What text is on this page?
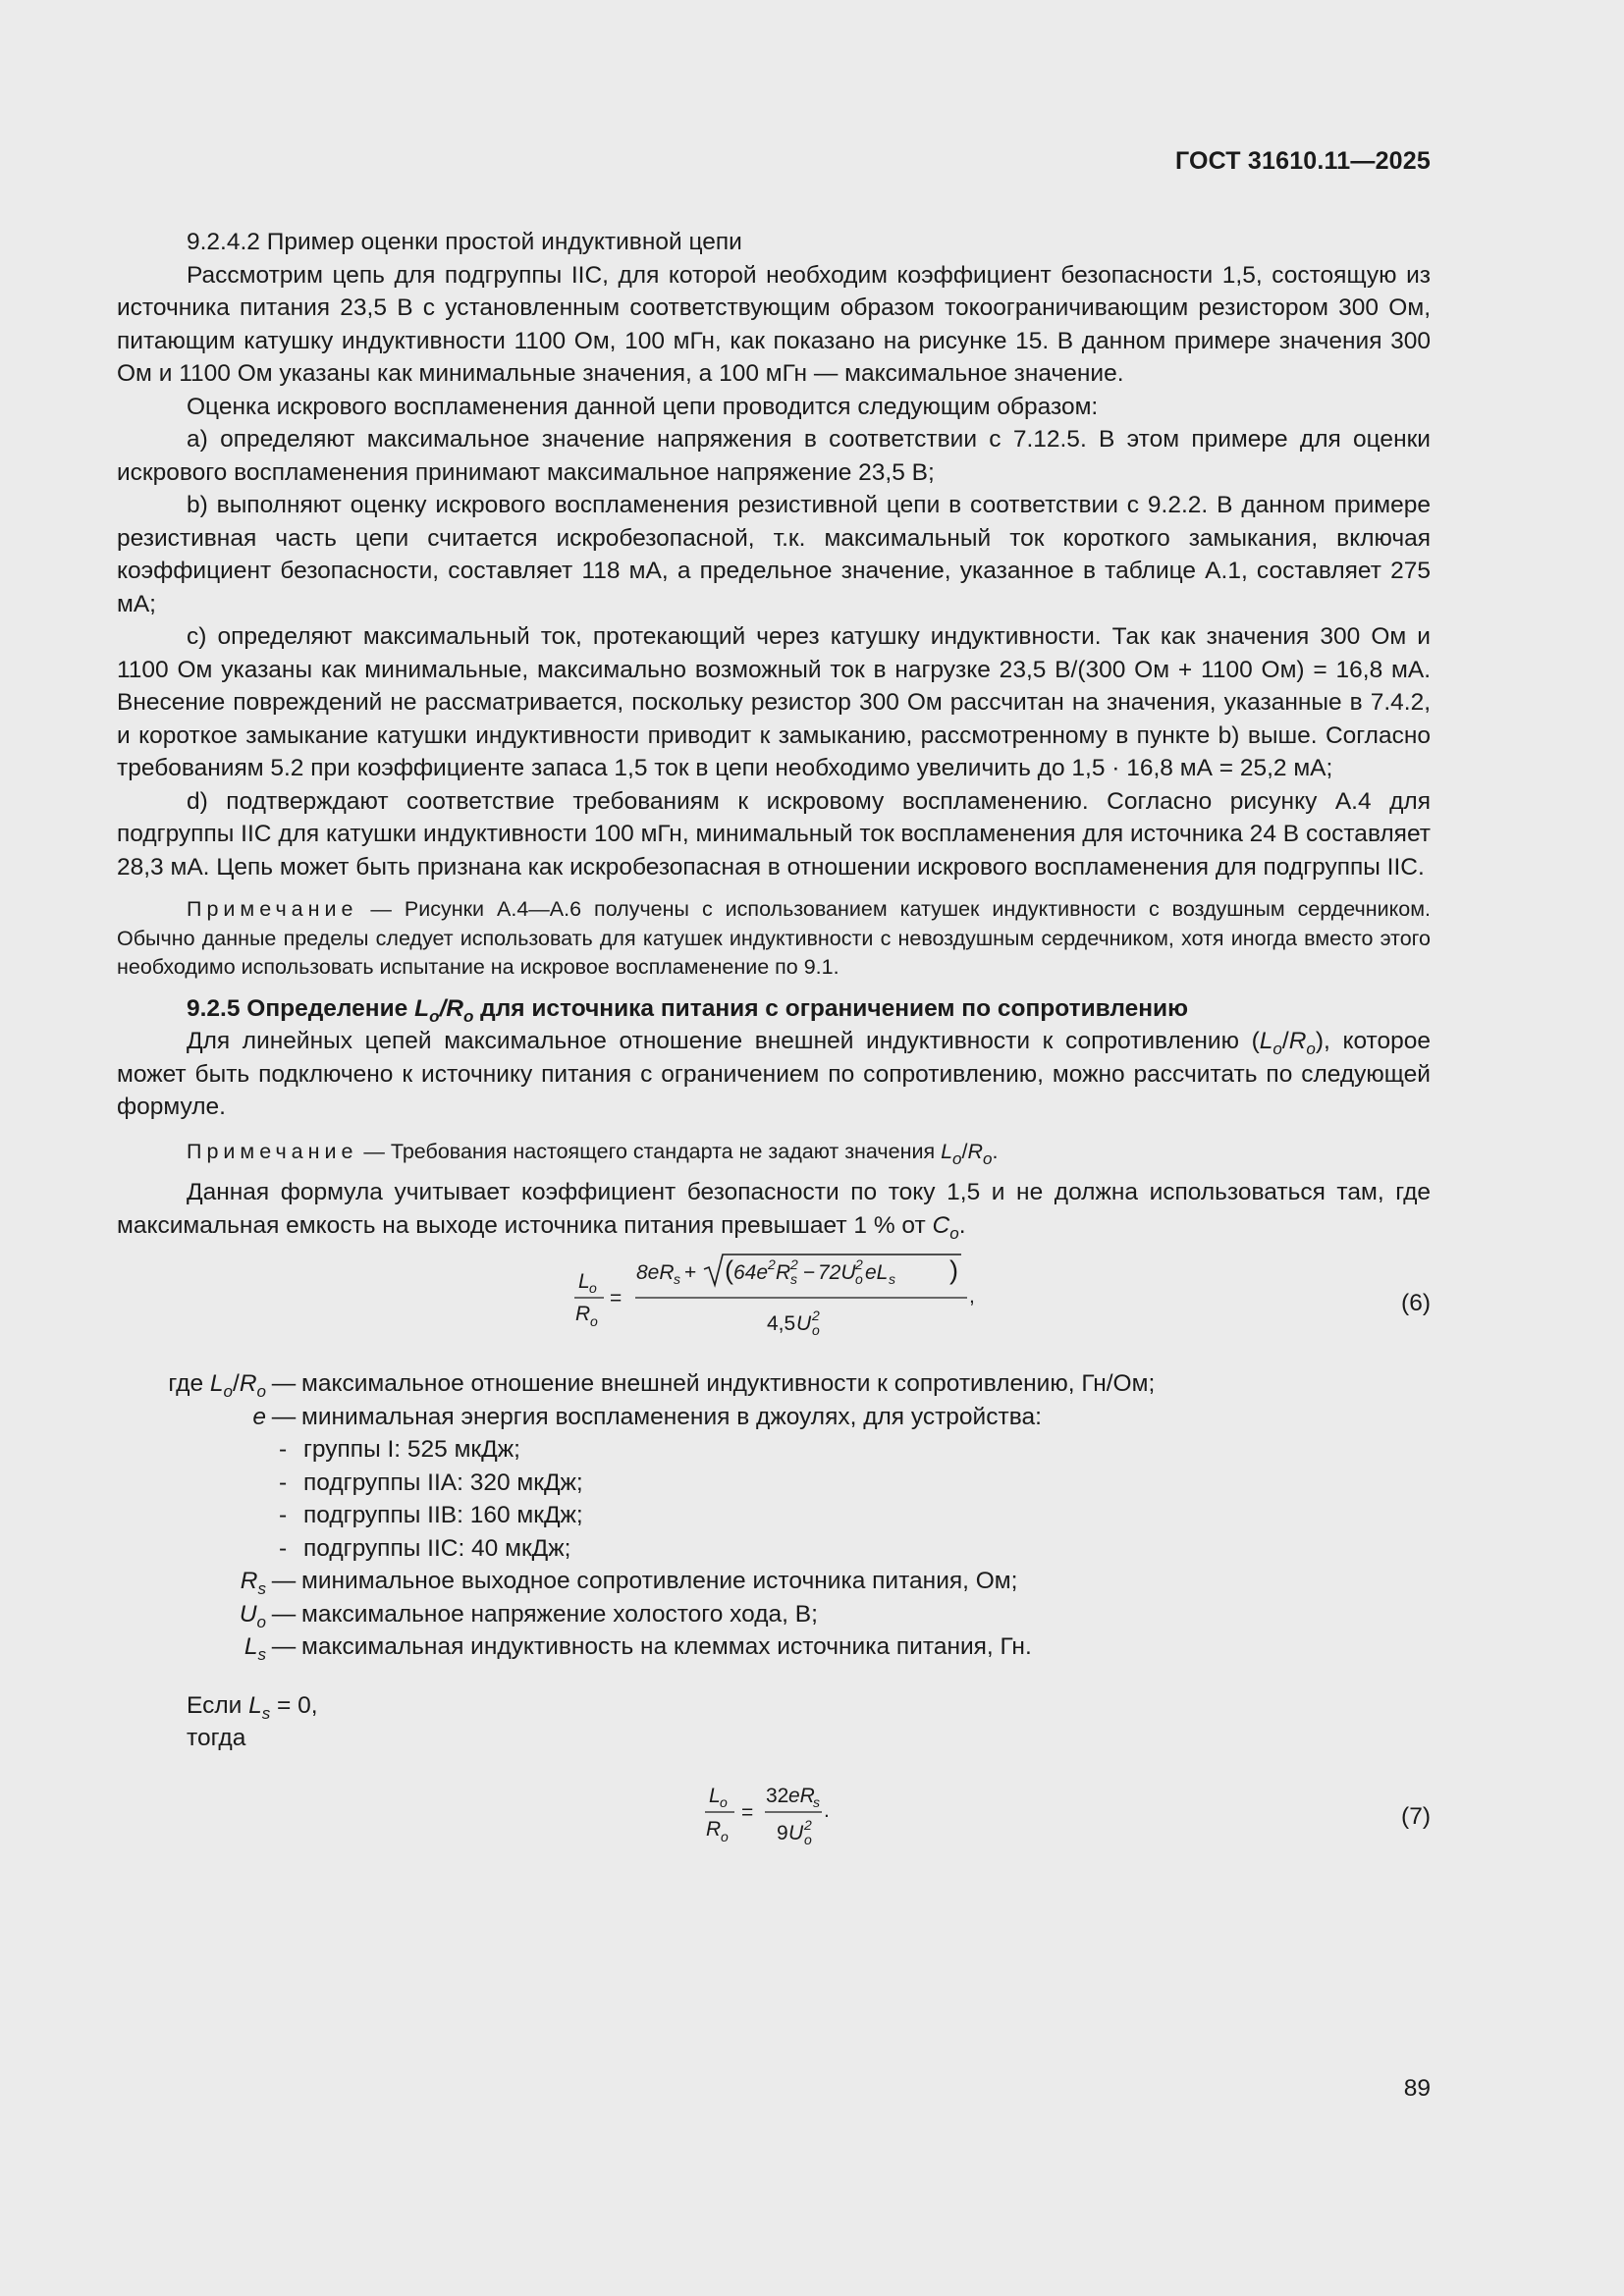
ГОСТ 31610.11—2025

9.2.4.2 Пример оценки простой индуктивной цепи

Рассмотрим цепь для подгруппы IIC, для которой необходим коэффициент безопасности 1,5, состоящую из источника питания 23,5 В с установленным соответствующим образом токоограничивающим резистором 300 Ом, питающим катушку индуктивности 1100 Ом, 100 мГн, как показано на рисунке 15. В данном примере значения 300 Ом и 1100 Ом указаны как минимальные значения, а 100 мГн — максимальное значение.

Оценка искрового воспламенения данной цепи проводится следующим образом:

a) определяют максимальное значение напряжения в соответствии с 7.12.5. В этом примере для оценки искрового воспламенения принимают максимальное напряжение 23,5 В;

b) выполняют оценку искрового воспламенения резистивной цепи в соответствии с 9.2.2. В данном примере резистивная часть цепи считается искробезопасной, т.к. максимальный ток короткого замыкания, включая коэффициент безопасности, составляет 118 мА, а предельное значение, указанное в таблице А.1, составляет 275 мА;

c) определяют максимальный ток, протекающий через катушку индуктивности. Так как значения 300 Ом и 1100 Ом указаны как минимальные, максимально возможный ток в нагрузке 23,5 В/(300 Ом + 1100 Ом) = 16,8 мА. Внесение повреждений не рассматривается, поскольку резистор 300 Ом рассчитан на значения, указанные в 7.4.2, и короткое замыкание катушки индуктивности приводит к замыканию, рассмотренному в пункте b) выше. Согласно требованиям 5.2 при коэффициенте запаса 1,5 ток в цепи необходимо увеличить до 1,5 · 16,8 мА = 25,2 мА;

d) подтверждают соответствие требованиям к искровому воспламенению. Согласно рисунку А.4 для подгруппы IIC для катушки индуктивности 100 мГн, минимальный ток воспламенения для источника 24 В составляет 28,3 мА. Цепь может быть признана как искробезопасная в отношении искрового воспламенения для подгруппы IIC.

Примечание — Рисунки А.4—А.6 получены с использованием катушек индуктивности с воздушным сердечником. Обычно данные пределы следует использовать для катушек индуктивности с невоздушным сердечником, хотя иногда вместо этого необходимо использовать испытание на искровое воспламенение по 9.1.

9.2.5 Определение $L_o/R_o$ для источника питания с ограничением по сопротивлению

Для линейных цепей максимальное отношение внешней индуктивности к сопротивлению $(L_o/R_o)$, которое может быть подключено к источнику питания с ограничением по сопротивлению, можно рассчитать по следующей формуле.

Примечание — Требования настоящего стандарта не задают значения $L_o/R_o$.

Данная формула учитывает коэффициент безопасности по току 1,5 и не должна использоваться там, где максимальная емкость на выходе источника питания превышает 1 % от $C_o$.

L o
R o
=
8eR s + ( 64e 2 R 2
s − 72U 2
o eL s )
,
4,5 U 2
o
(6)
где $L_o/R_o$ — максимальное отношение внешней индуктивности к сопротивлению, Гн/Ом;
e — минимальная энергия воспламенения в джоулях, для устройства:
- группы I: 525 мкДж;
- подгруппы IIA: 320 мкДж;
- подгруппы IIB: 160 мкДж;
- подгруппы IIC: 40 мкДж;
$R_s$ — минимальное выходное сопротивление источника питания, Ом;
$U_o$ — максимальное напряжение холостого хода, В;
$L_s$ — максимальная индуктивность на клеммах источника питания, Гн.
Если $L_s = 0$,
тогда
L o
R o
=
32 eR
s .
9 U 2
o
(7)
89
